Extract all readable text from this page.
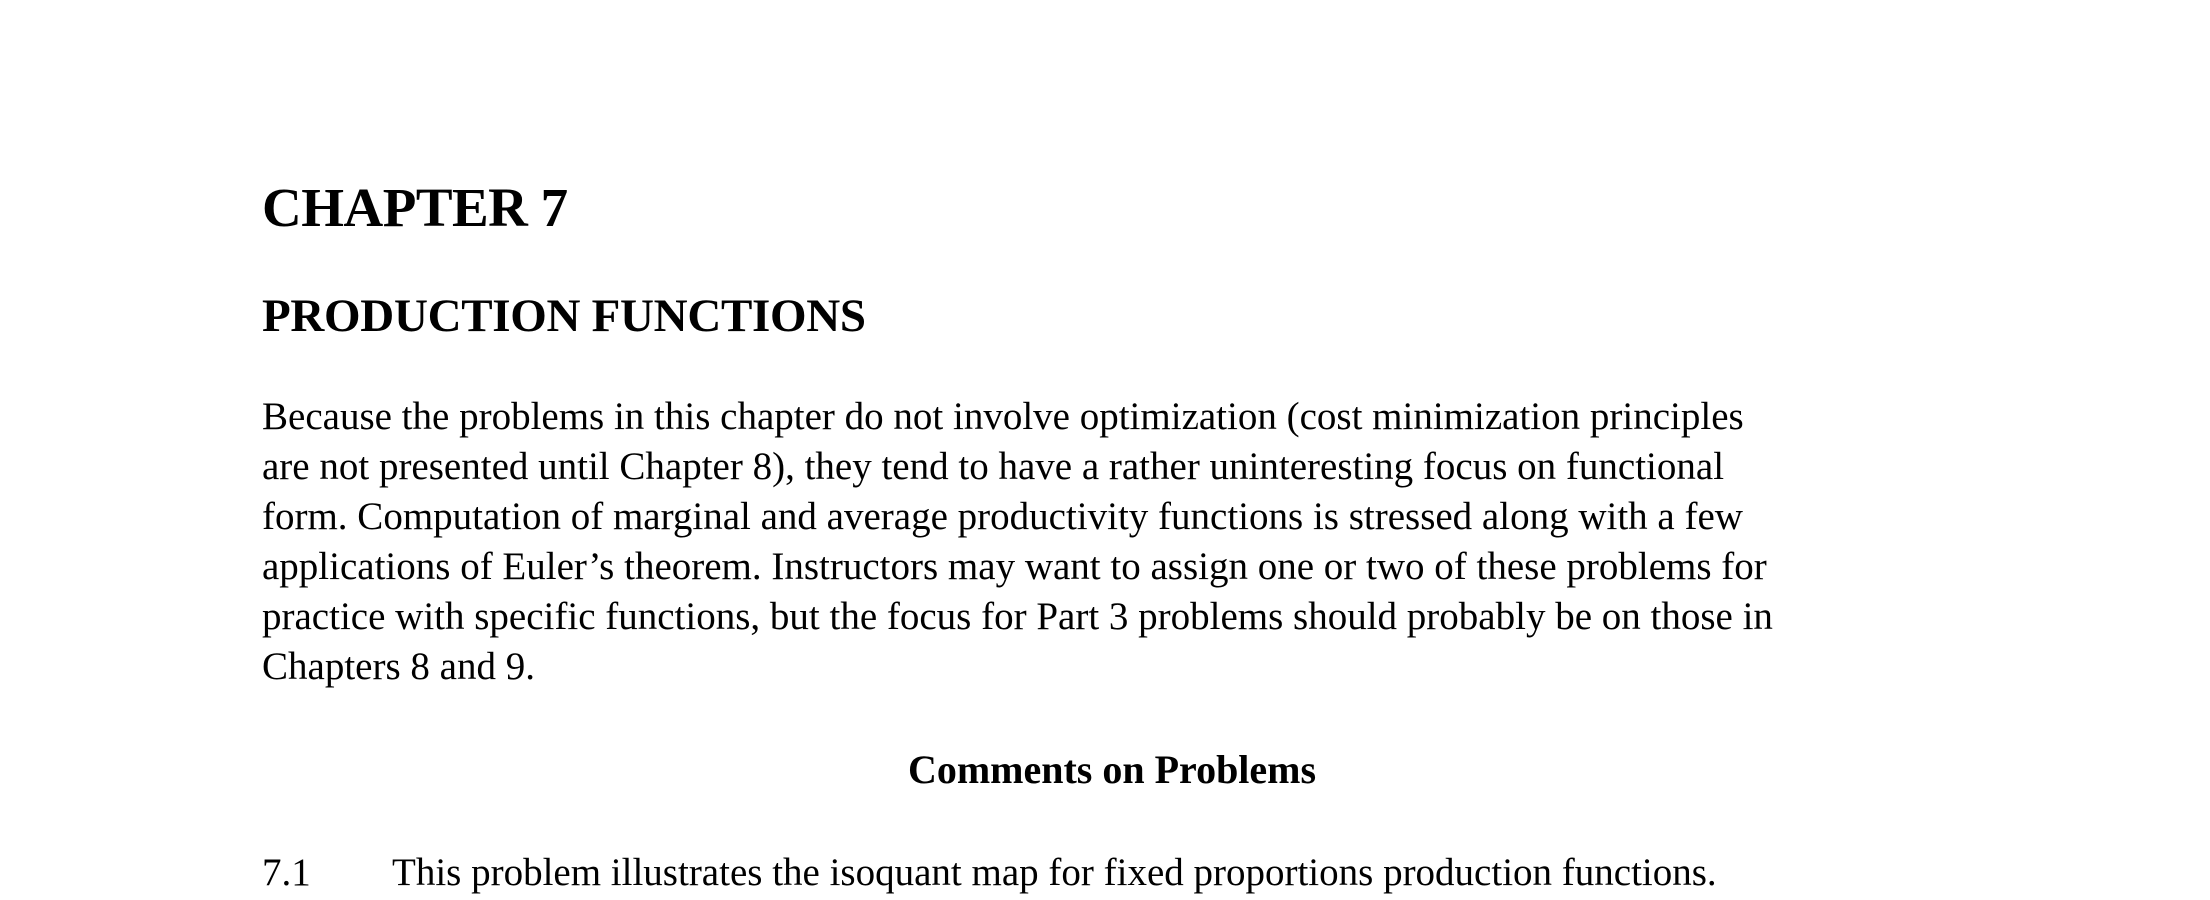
CHAPTER 7
PRODUCTION FUNCTIONS

Because the problems in this chapter do not involve optimization (cost minimization principles
are not presented until Chapter 8), they tend to have a rather uninteresting focus on functional
form. Computation of marginal and average productivity functions is stressed along with a few
applications of Euler’s theorem. Instructors may want to assign one or two of these problems for
practice with specific functions, but the focus for Part 3 problems should probably be on those in
Chapters 8 and 9.

Comments on Problems
7.1 This problem illustrates the isoquant map for fixed proportions production functions.
